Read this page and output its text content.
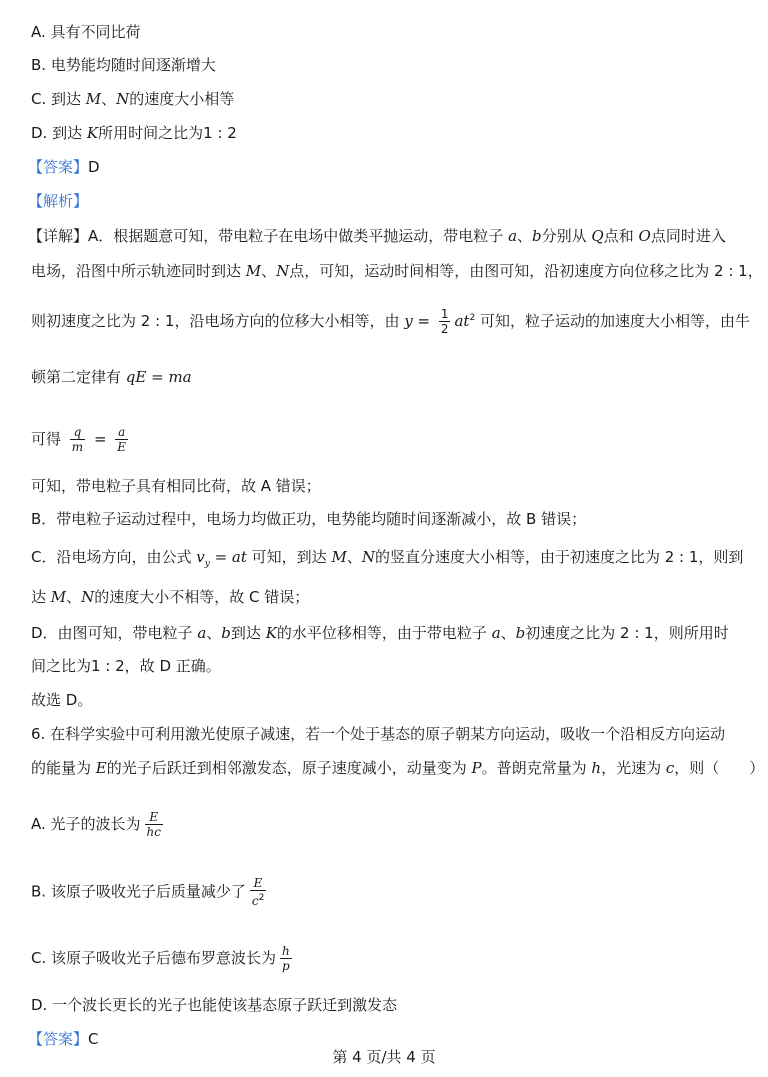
A. 具有不同比荷
B. 电势能均随时间逐渐增大
C. 到达 M、N的速度大小相等
D. 到达 K所用时间之比为1 : 2
【答案】D
【解析】
【详解】A．根据题意可知，带电粒子在电场中做类平抛运动，带电粒子 a、b分别从 Q点和 O点同时进入
电场，沿图中所示轨迹同时到达 M、N点，可知，运动时间相等，由图可知，沿初速度方向位移之比为 2 : 1，
则初速度之比为 2 : 1，沿电场方向的位移大小相等，由 $y = \frac{1}{2} at^2$ 可知，粒子运动的加速度大小相等，由牛
顿第二定律有 qE = ma
可得 $\frac{q}{m} = \frac{a}{E}$
可知，带电粒子具有相同比荷，故 A 错误；
B．带电粒子运动过程中，电场力均做正功，电势能均随时间逐渐减小，故 B 错误；
C．沿电场方向，由公式 $v_y$ = at 可知，到达 M、N的竖直分速度大小相等，由于初速度之比为 2 : 1，则到
达 M、N的速度大小不相等，故 C 错误；
D．由图可知，带电粒子 a、b到达 K的水平位移相等，由于带电粒子 a、b初速度之比为 2 : 1，则所用时
间之比为1 : 2，故 D 正确。
故选 D。
6. 在科学实验中可利用激光使原子减速，若一个处于基态的原子朝某方向运动，吸收一个沿相反方向运动
的能量为 E的光子后跃迁到相邻激发态，原子速度减小，动量变为 P。普朗克常量为 h，光速为 c，则（　　）
A. 光子的波长为 $\frac{E}{hc}$
B. 该原子吸收光子后质量减少了 $\frac{E}{c^2}$
C. 该原子吸收光子后德布罗意波长为 $\frac{h}{p}$
D. 一个波长更长的光子也能使该基态原子跃迁到激发态
【答案】C
第 4 页/共 4 页
